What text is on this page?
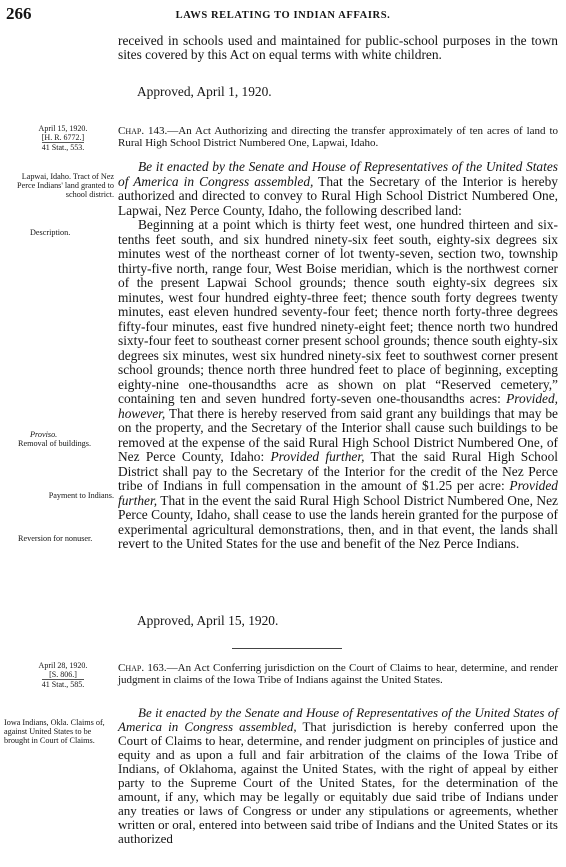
266	LAWS RELATING TO INDIAN AFFAIRS.

received in schools used and maintained for public-school purposes in the town sites covered by this Act on equal terms with white children.

Approved, April 1, 1920.
April 15, 1920.
[H. R. 6772.]
41 Stat., 553.
Chap. 143.—An Act Authorizing and directing the transfer approximately of ten acres of land to Rural High School District Numbered One, Lapwai, Idaho.
Lapwai, Idaho. Tract of Nez Perce Indians' land granted to school district.
Description.

Be it enacted by the Senate and House of Representatives of the United States of America in Congress assembled, That the Secretary of the Interior is hereby authorized and directed to convey to Rural High School District Numbered One, Lapwai, Nez Perce County, Idaho, the following described land:

Beginning at a point which is thirty feet west, one hundred thirteen and six-tenths feet south, and six hundred ninety-six feet south, eighty-six degrees six minutes west of the northeast corner of lot twenty-seven, section two, township thirty-five north, range four, West Boise meridian, which is the northwest corner of the present Lapwai School grounds; thence south eighty-six degrees six minutes, west four hundred eighty-three feet; thence south forty degrees twenty minutes, east eleven hundred seventy-four feet; thence north forty-three degrees fifty-four minutes, east five hundred ninety-eight feet; thence north two hundred sixty-four feet to southeast corner present school grounds; thence south eighty-six degrees six minutes, west six hundred ninety-six feet to southwest corner present school grounds; thence north three hundred feet to place of beginning, excepting eighty-nine one-thousandths acre as shown on plat “Reserved cemetery,” containing ten and seven hundred forty-seven one-thousandths acres: Provided, however, That there is hereby reserved from said grant any buildings that may be on the property, and the Secretary of the Interior shall cause such buildings to be removed at the expense of the said Rural High School District Numbered One, of Nez Perce County, Idaho: Provided further, That the said Rural High School District shall pay to the Secretary of the Interior for the credit of the Nez Perce tribe of Indians in full compensation in the amount of $1.25 per acre: Provided further, That in the event the said Rural High School District Numbered One, Nez Perce County, Idaho, shall cease to use the lands herein granted for the purpose of experimental agricultural demonstrations, then, and in that event, the lands shall revert to the United States for the use and benefit of the Nez Perce Indians.

Proviso.
Removal of buildings.
Payment to Indians.
Reversion for nonuser.
Approved, April 15, 1920.
April 28, 1920.
[S. 806.]
41 Stat., 585.
Chap. 163.—An Act Conferring jurisdiction on the Court of Claims to hear, determine, and render judgment in claims of the Iowa Tribe of Indians against the United States.
Iowa Indians, Okla. Claims of, against United States to be brought in Court of Claims.

Be it enacted by the Senate and House of Representatives of the United States of America in Congress assembled, That jurisdiction is hereby conferred upon the Court of Claims to hear, determine, and render judgment on principles of justice and equity and as upon a full and fair arbitration of the claims of the Iowa Tribe of Indians, of Oklahoma, against the United States, with the right of appeal by either party to the Supreme Court of the United States, for the determination of the amount, if any, which may be legally or equitably due said tribe of Indians under any treaties or laws of Congress or under any stipulations or agreements, whether written or oral, entered into between said tribe of Indians and the United States or its authorized
